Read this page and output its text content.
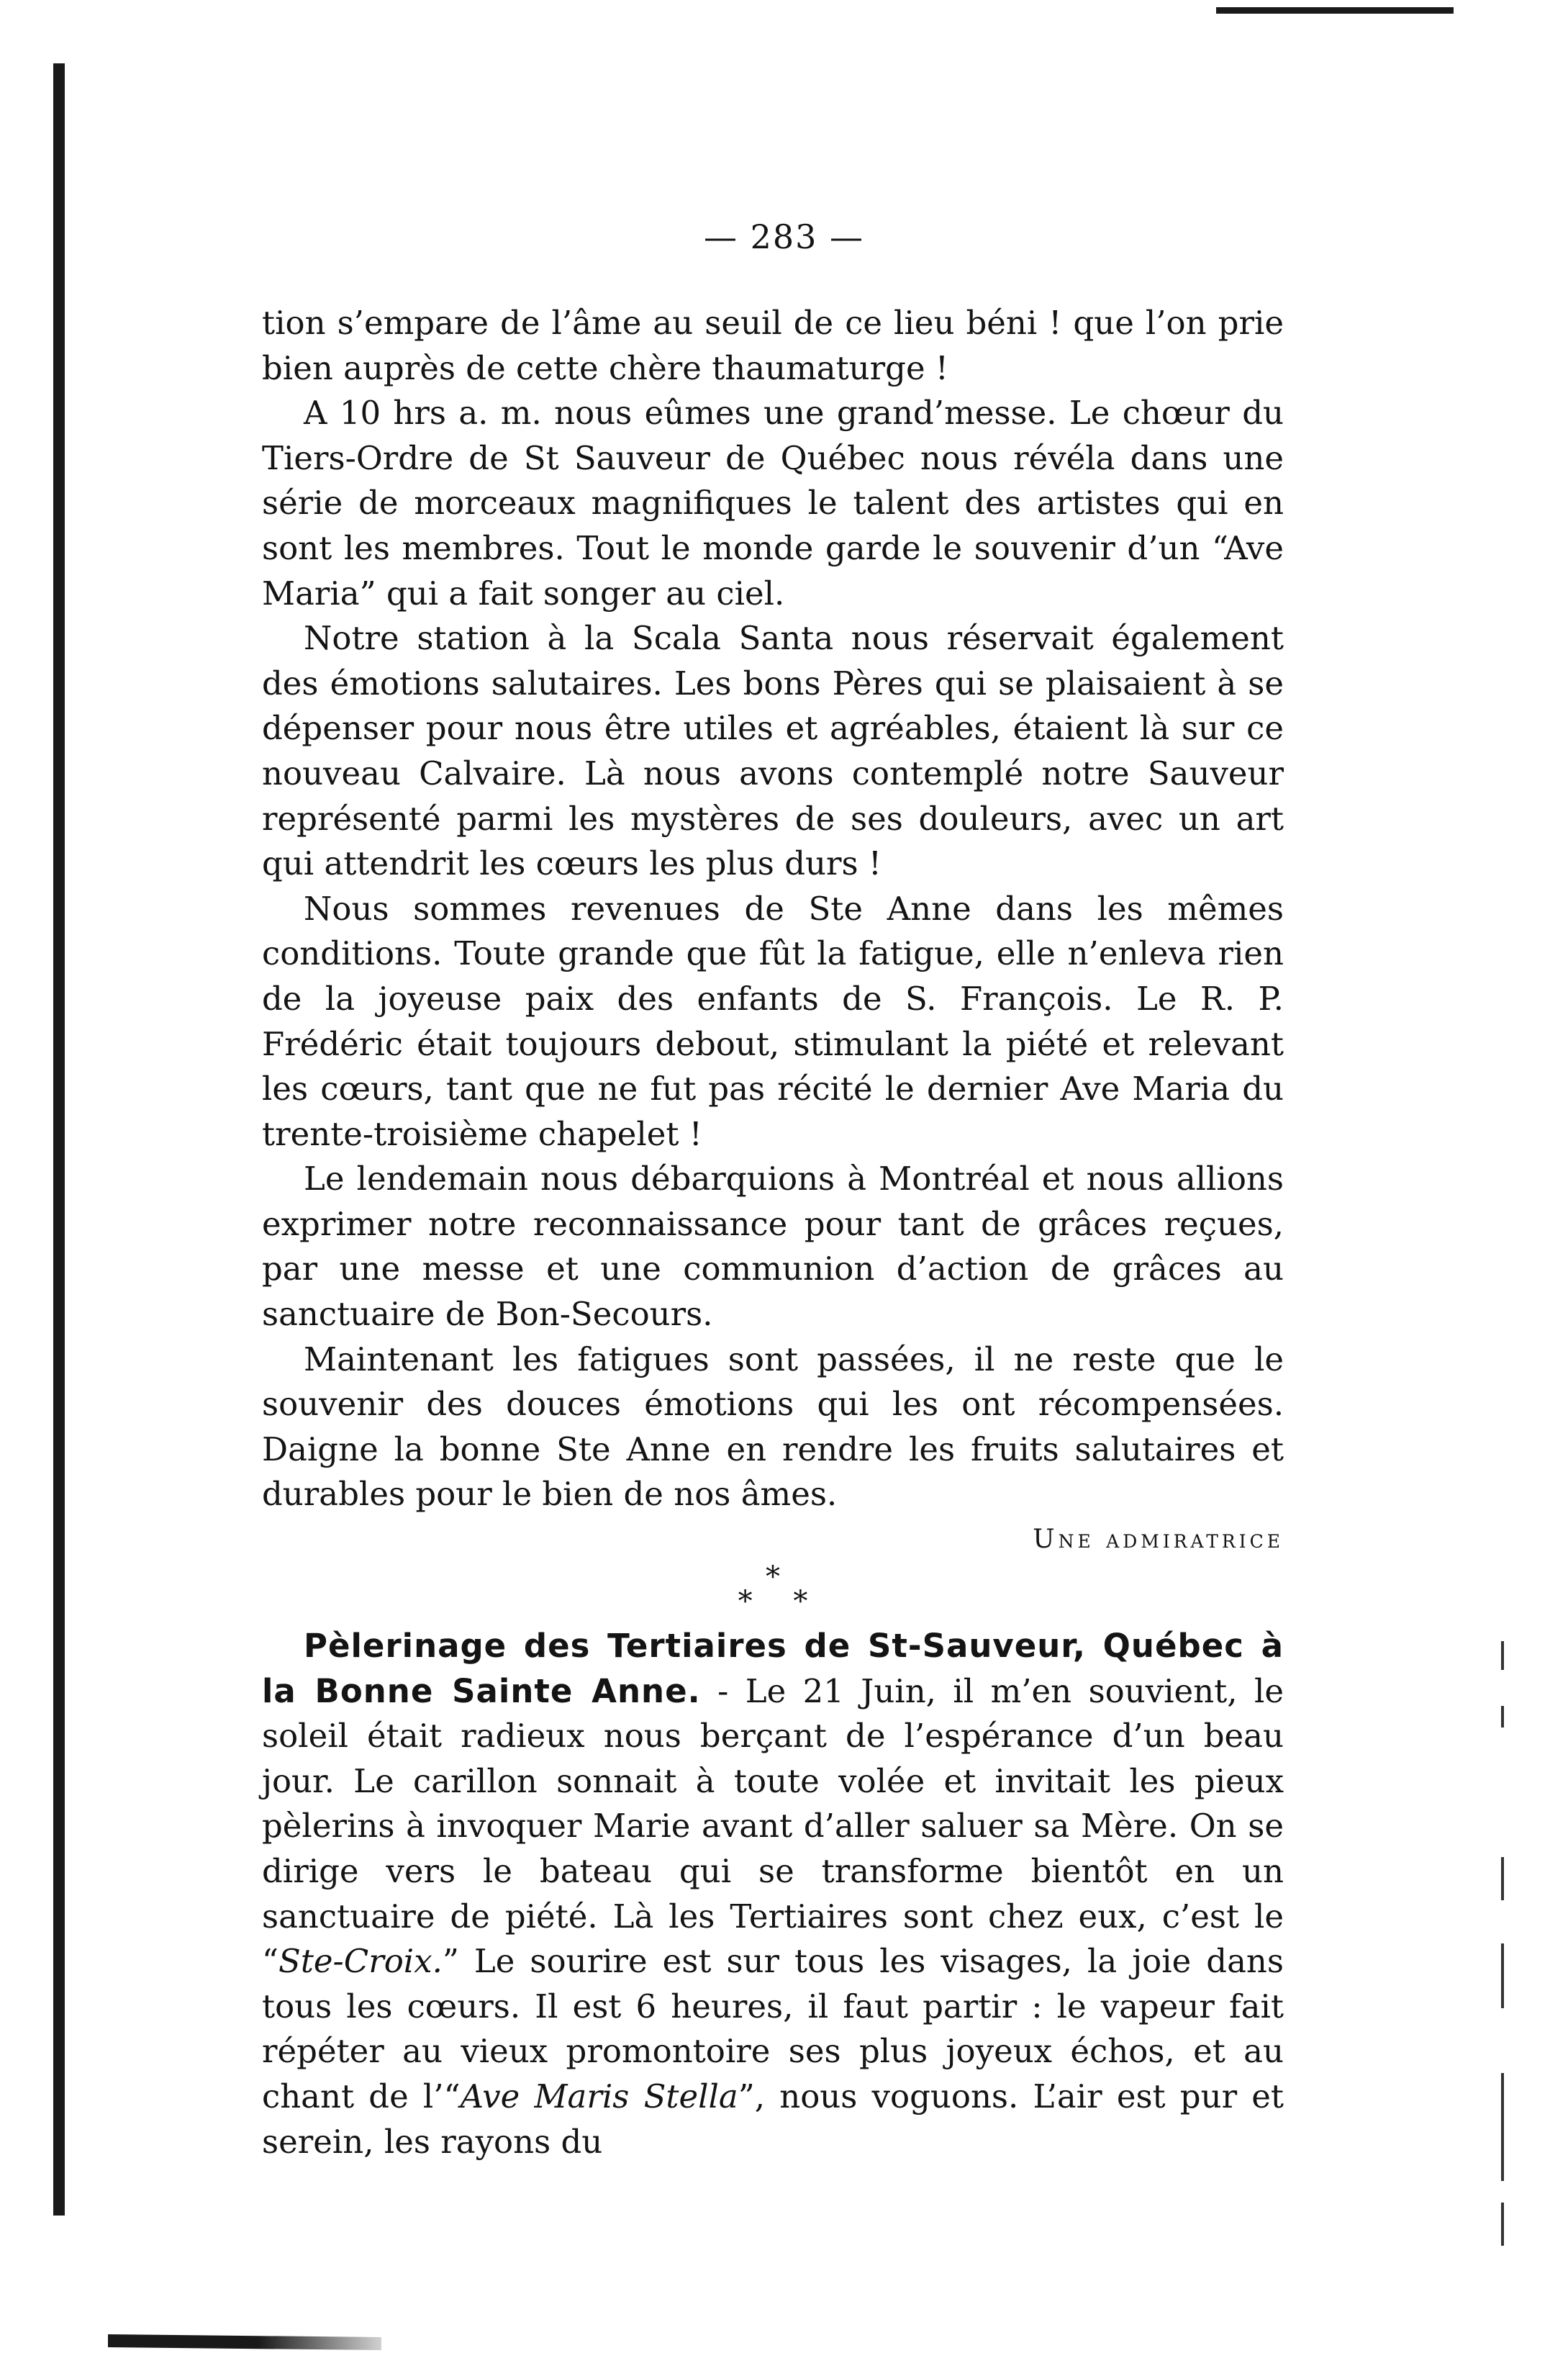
— 283 —

tion s’empare de l’âme au seuil de ce lieu béni ! que l’on prie bien auprès de cette chère thaumaturge !

A 10 hrs a. m. nous eûmes une grand’messe. Le chœur du Tiers-Ordre de St Sauveur de Québec nous révéla dans une série de morceaux magnifiques le talent des artistes qui en sont les membres. Tout le monde garde le souvenir d’un “Ave Maria” qui a fait songer au ciel.

Notre station à la Scala Santa nous réservait également des émotions salutaires. Les bons Pères qui se plaisaient à se dépenser pour nous être utiles et agréables, étaient là sur ce nouveau Calvaire. Là nous avons contemplé notre Sauveur représenté parmi les mystères de ses douleurs, avec un art qui attendrit les cœurs les plus durs !

Nous sommes revenues de Ste Anne dans les mêmes conditions. Toute grande que fût la fatigue, elle n’enleva rien de la joyeuse paix des enfants de S. François. Le R. P. Frédéric était toujours debout, stimulant la piété et relevant les cœurs, tant que ne fut pas récité le dernier Ave Maria du trente-troisième chapelet !

Le lendemain nous débarquions à Montréal et nous allions exprimer notre reconnaissance pour tant de grâces reçues, par une messe et une communion d’action de grâces au sanctuaire de Bon-Secours.

Maintenant les fatigues sont passées, il ne reste que le souvenir des douces émotions qui les ont récompensées. Daigne la bonne Ste Anne en rendre les fruits salutaires et durables pour le bien de nos âmes.

Une admiratrice
*
* *

Pèlerinage des Tertiaires de St-Sauveur, Québec à la Bonne Sainte Anne. - Le 21 Juin, il m’en souvient, le soleil était radieux nous berçant de l’espérance d’un beau jour. Le carillon sonnait à toute volée et invitait les pieux pèlerins à invoquer Marie avant d’aller saluer sa Mère. On se dirige vers le bateau qui se transforme bientôt en un sanctuaire de piété. Là les Tertiaires sont chez eux, c’est le “Ste-Croix.” Le sourire est sur tous les visages, la joie dans tous les cœurs. Il est 6 heures, il faut partir : le vapeur fait répéter au vieux promontoire ses plus joyeux échos, et au chant de l’“Ave Maris Stella”, nous voguons. L’air est pur et serein, les rayons du
